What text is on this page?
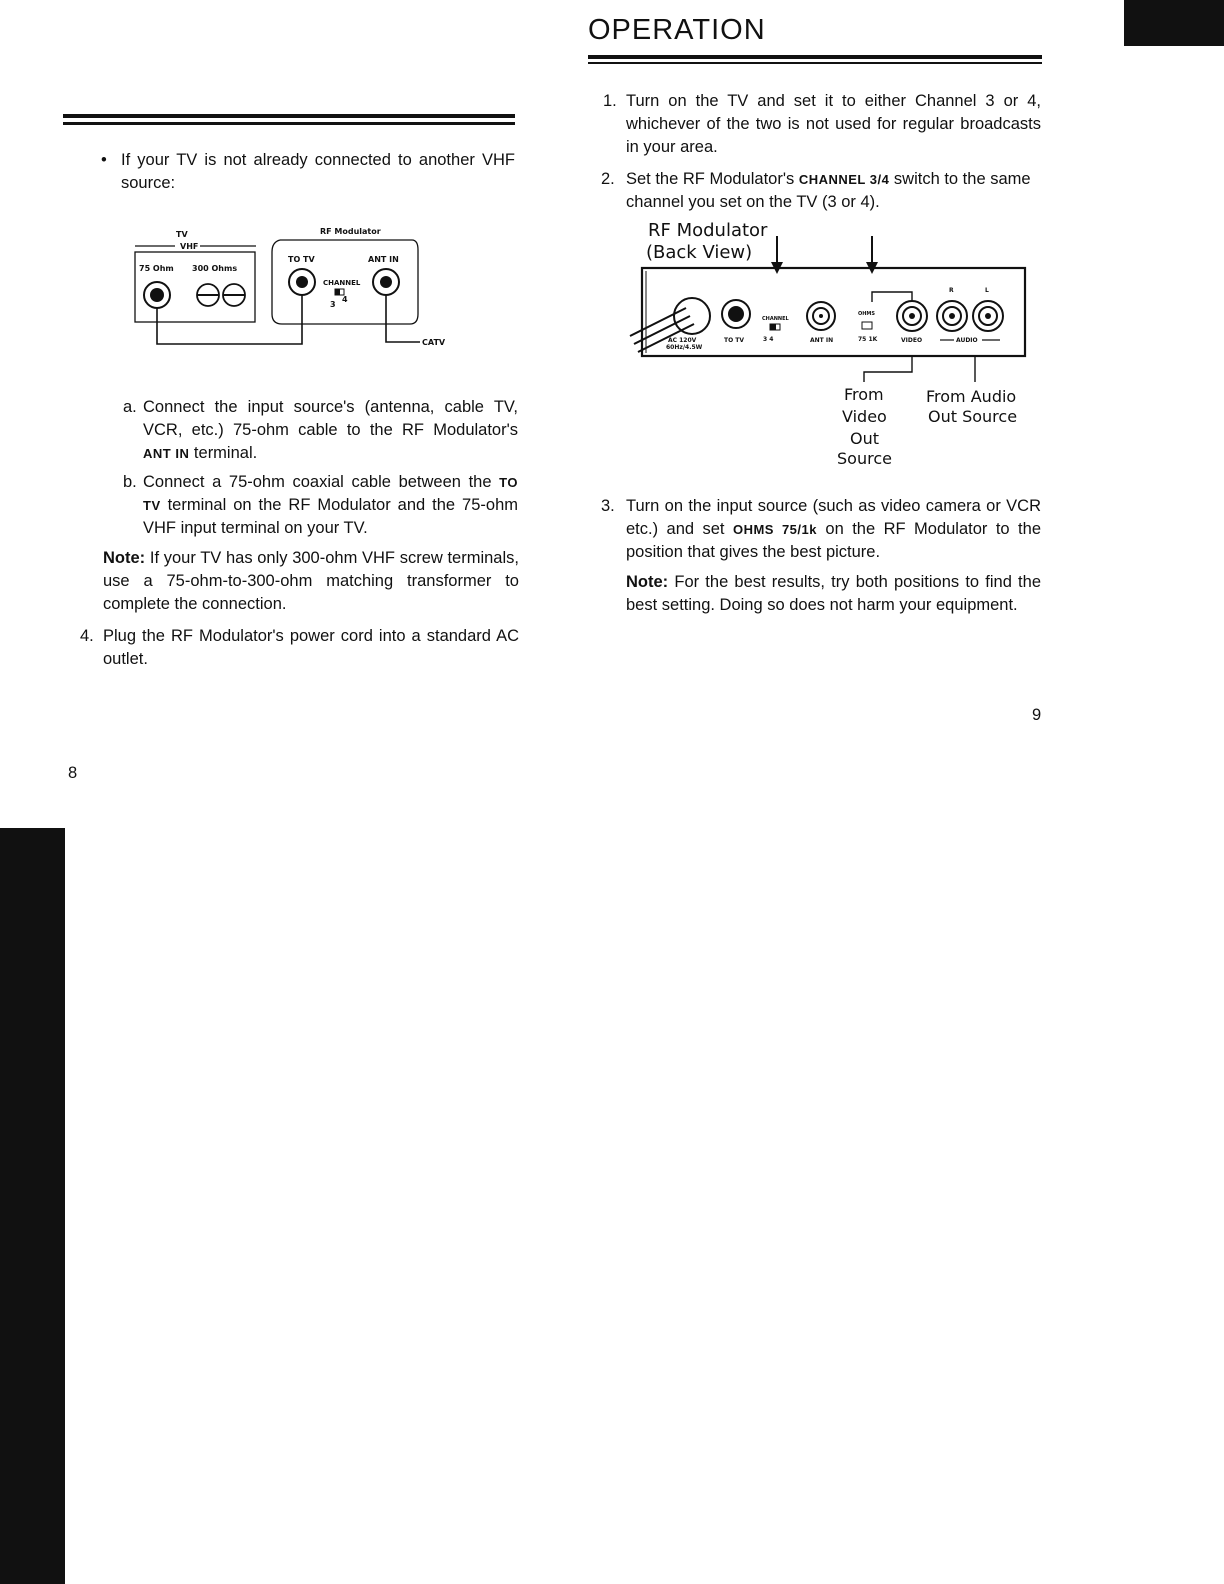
OPERATION
• If your TV is not already connected to another VHF source:
TV
VHF
75 Ohm 300 Ohms
RF Modulator
TO TV	ANT IN
CHANNEL
3
4
CATV
a. Connect the input source's (antenna, cable TV, VCR, etc.) 75-ohm cable to the RF Modulator's ANT IN terminal.
b. Connect a 75-ohm coaxial cable between the TO TV terminal on the RF Modulator and the 75-ohm VHF input terminal on your TV.
Note: If your TV has only 300-ohm VHF screw terminals, use a 75-ohm-to-300-ohm matching transformer to complete the connection.
4. Plug the RF Modulator's power cord into a standard AC outlet.
8
1. Turn on the TV and set it to either Channel 3 or 4, whichever of the two is not used for regular broadcasts in your area.
2. Set the RF Modulator's CHANNEL 3/4 switch to the same channel you set on the TV (3 or 4).
RF Modulator
(Back View)
AC 120V
60Hz/4.5W
TO TV
CHANNEL
3 4	ANT IN
OHMS
75 1K	VIDEO
R	L
AUDIO
From
Video
Out
Source
From Audio
Out Source
3. Turn on the input source (such as video camera or VCR etc.) and set OHMS 75/1k on the RF Modulator to the position that gives the best picture.
Note: For the best results, try both positions to find the best setting. Doing so does not harm your equipment.
9
